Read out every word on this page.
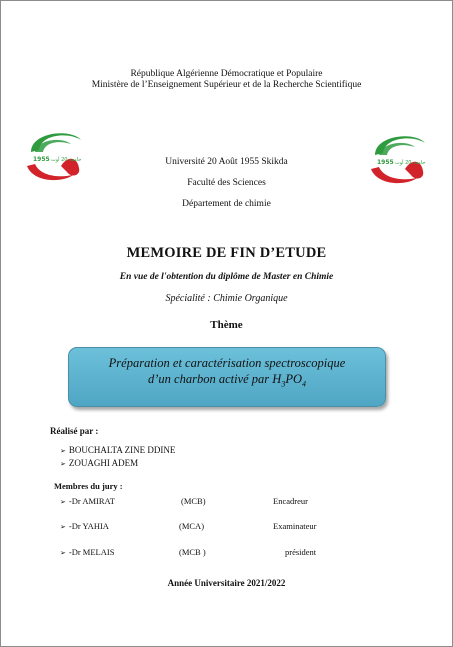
République Algérienne Démocratique et Populaire
Ministère de l’Enseignement Supérieur et de la Recherche Scientifique
1955 جامعة 20 أوت	1955 جامعة 20 أوت
Université 20 Août 1955 Skikda
Faculté des Sciences
Département de chimie
MEMOIRE DE FIN D’ETUDE
En vue de l'obtention du diplôme de Master en Chimie
Spécialité : Chimie Organique
Thème
Préparation et caractérisation spectroscopique
d’un charbon activé par $H_3PO_4$
Réalisé par :
➢ BOUCHALTA ZINE DDINE
➢ ZOUAGHI ADEM
Membres du jury :
➢ -Dr AMIRAT	(MCB)	Encadreur
➢ -Dr YAHIA	(MCA)	Examinateur
➢ -Dr MELAIS	(MCB )	président
Année Universitaire 2021/2022
